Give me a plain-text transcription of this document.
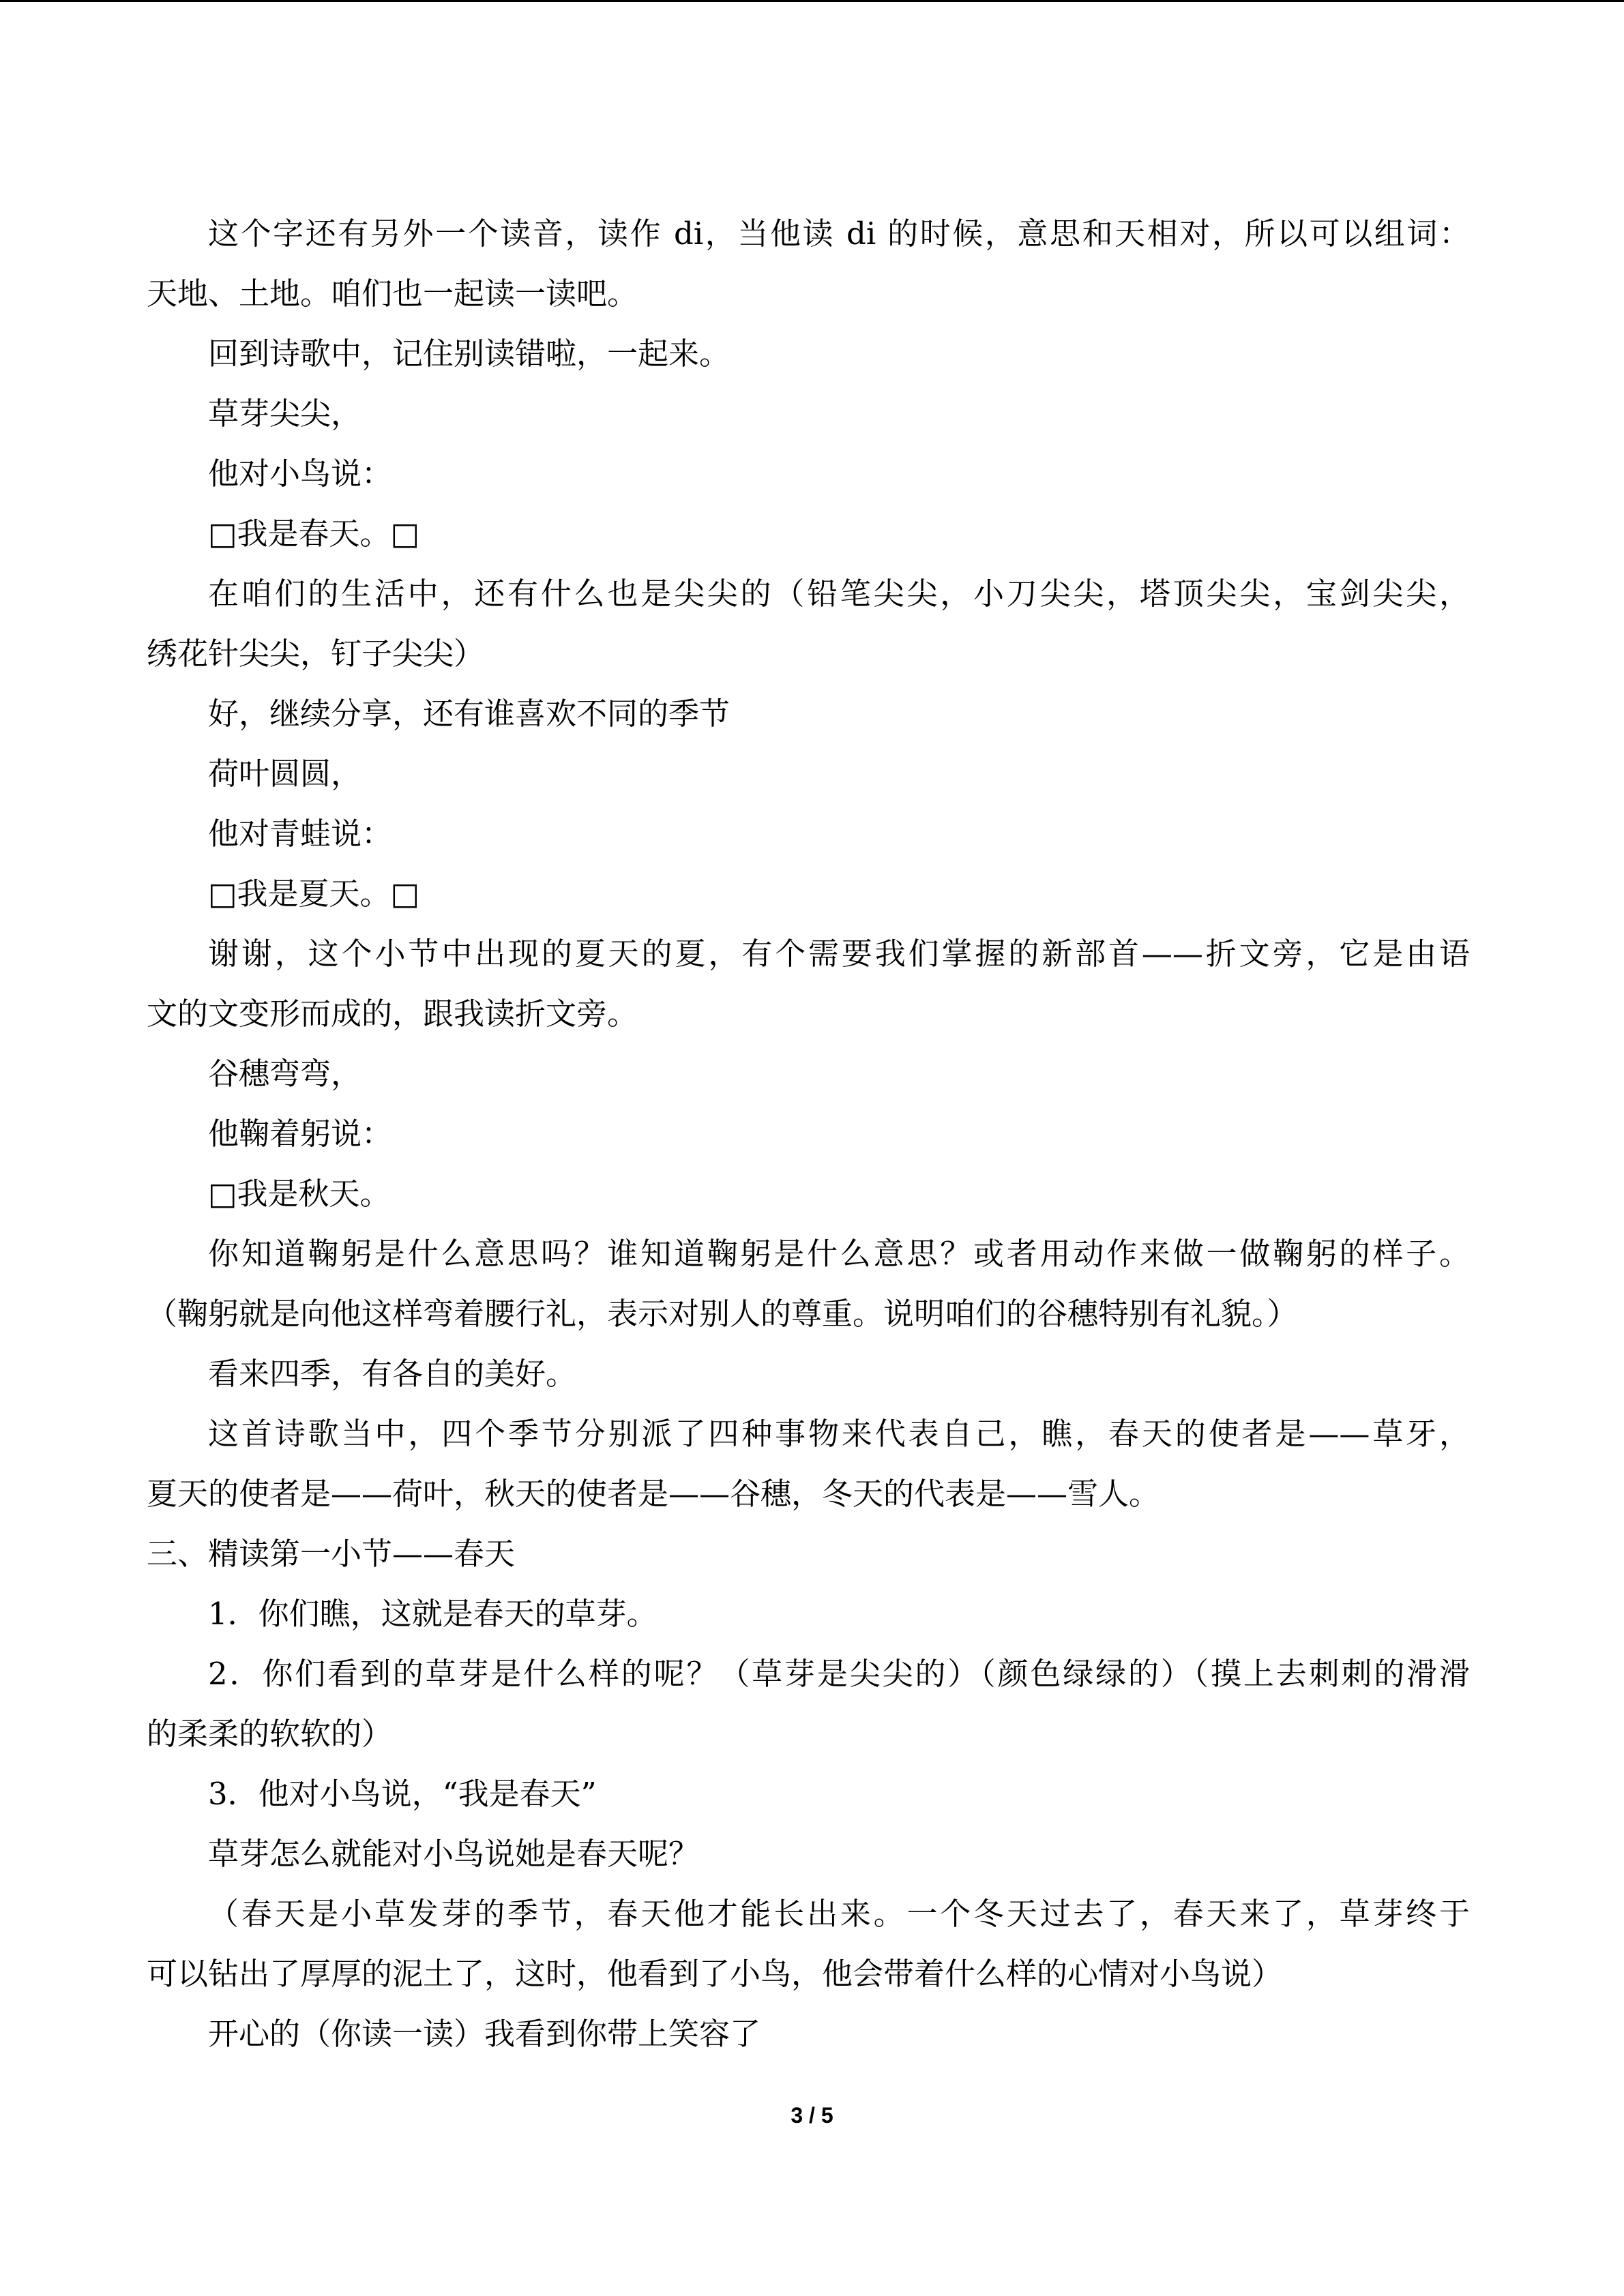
这个字还有另外一个读音，读作 di，当他读 di 的时候，意思和天相对，所以可以组词：
天地、土地。咱们也一起读一读吧。
回到诗歌中，记住别读错啦，一起来。
草芽尖尖，
他对小鸟说：
□我是春天。□
在咱们的生活中，还有什么也是尖尖的（铅笔尖尖，小刀尖尖，塔顶尖尖，宝剑尖尖，
绣花针尖尖，钉子尖尖）
好，继续分享，还有谁喜欢不同的季节
荷叶圆圆，
他对青蛙说：
□我是夏天。□
谢谢，这个小节中出现的夏天的夏，有个需要我们掌握的新部首——折文旁，它是由语
文的文变形而成的，跟我读折文旁。
谷穗弯弯，
他鞠着躬说：
□我是秋天。
你知道鞠躬是什么意思吗？谁知道鞠躬是什么意思？或者用动作来做一做鞠躬的样子。
（鞠躬就是向他这样弯着腰行礼，表示对别人的尊重。说明咱们的谷穗特别有礼貌。）
看来四季，有各自的美好。
这首诗歌当中，四个季节分别派了四种事物来代表自己，瞧，春天的使者是——草牙，
夏天的使者是——荷叶，秋天的使者是——谷穗，冬天的代表是——雪人。
三、精读第一小节——春天
1．你们瞧，这就是春天的草芽。
2．你们看到的草芽是什么样的呢？（草芽是尖尖的）（颜色绿绿的）（摸上去刺刺的滑滑
的柔柔的软软的）
3．他对小鸟说，“我是春天”
草芽怎么就能对小鸟说她是春天呢？
（春天是小草发芽的季节，春天他才能长出来。一个冬天过去了，春天来了，草芽终于
可以钻出了厚厚的泥土了，这时，他看到了小鸟，他会带着什么样的心情对小鸟说）
开心的（你读一读）我看到你带上笑容了
3 / 5
